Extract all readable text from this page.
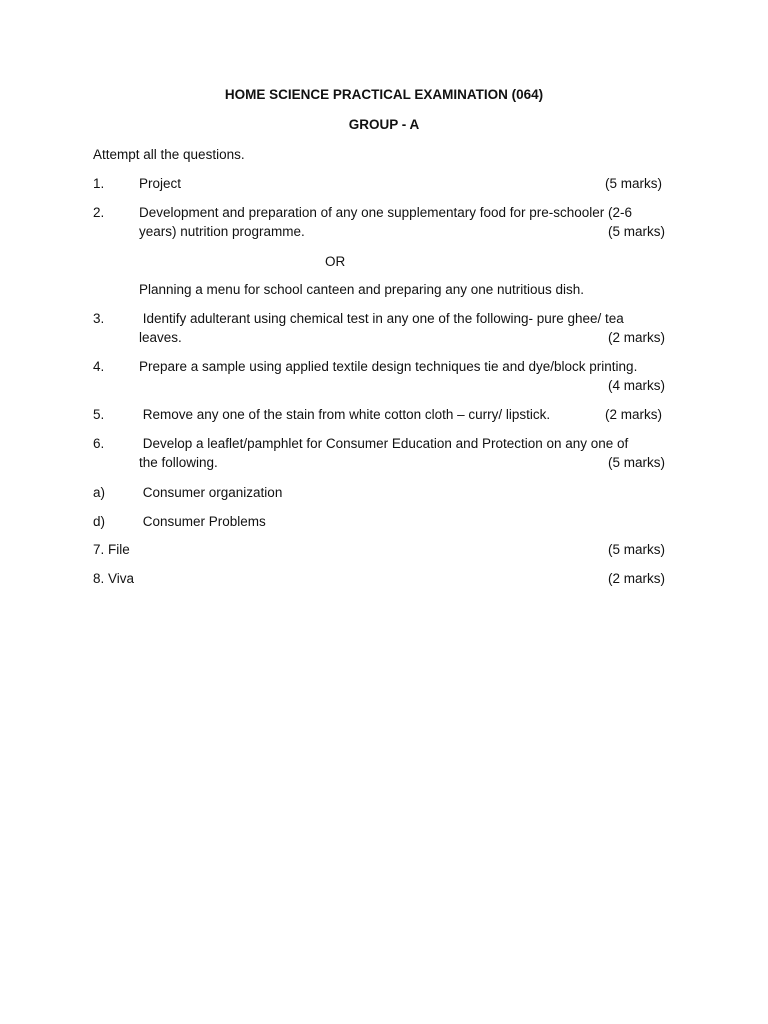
HOME SCIENCE PRACTICAL EXAMINATION (064)
GROUP - A
Attempt all the questions.
1.	Project	(5 marks)
2.	Development and preparation of any one supplementary food for pre-schooler (2-6
years) nutrition programme.	(5 marks)
OR
Planning a menu for school canteen and preparing any one nutritious dish.
3.	Identify adulterant using chemical test in any one of the following- pure ghee/ tea
leaves.	(2 marks)
4.	Prepare a sample using applied textile design techniques tie and dye/block printing.
(4 marks)
5.	Remove any one of the stain from white cotton cloth – curry/ lipstick.	(2 marks)
6.	Develop a leaflet/pamphlet for Consumer Education and Protection on any one of
the following.	(5 marks)
a)	Consumer organization
d)	Consumer Problems
7. File	(5 marks)
8. Viva	(2 marks)
